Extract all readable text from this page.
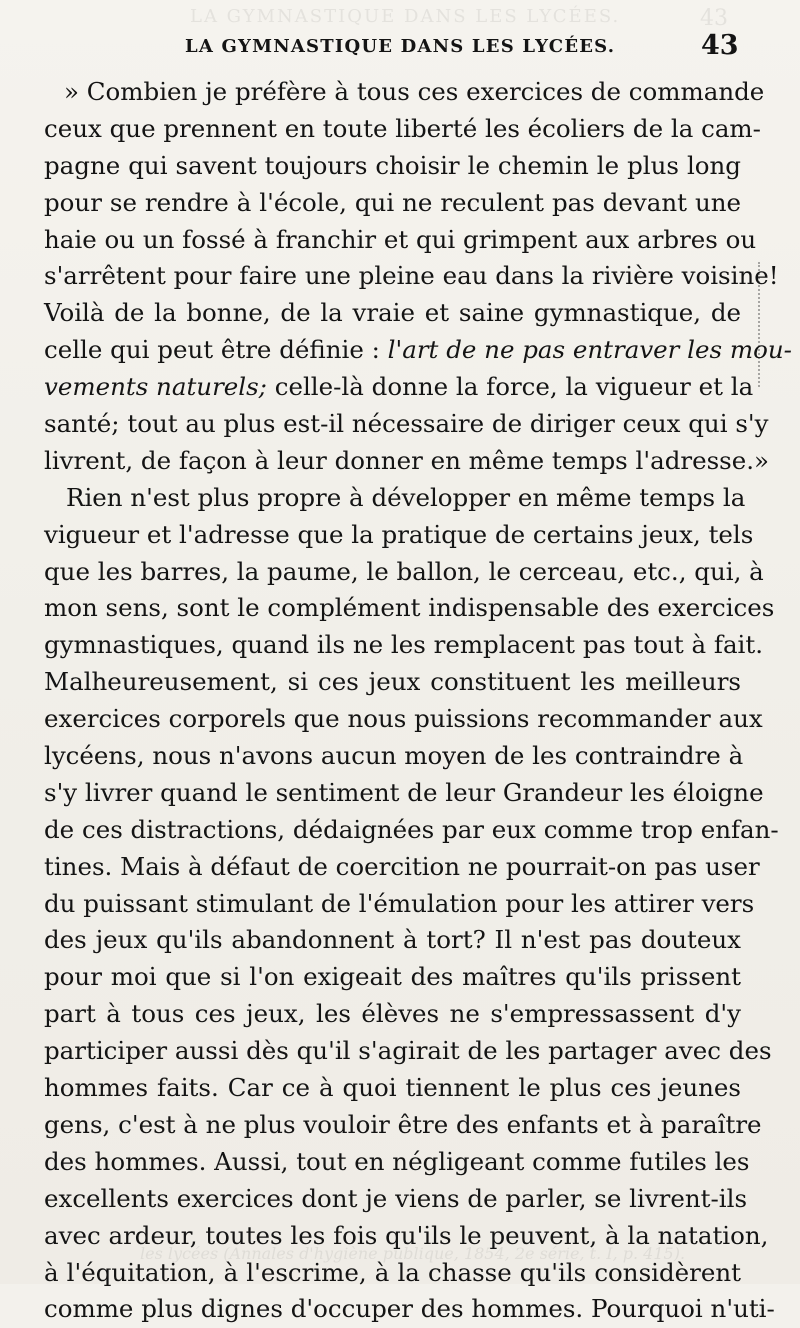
LA GYMNASTIQUE DANS LES LYCÉES.	43
les lycées (Annales d'hygiène publique, 1854, 2e série, t. I, p. 415).
LA GYMNASTIQUE DANS LES LYCÉES.	43
» Combien je préfère à tous ces exercices de commande
ceux que prennent en toute liberté les écoliers de la cam-
pagne qui savent toujours choisir le chemin le plus long
pour se rendre à l'école, qui ne reculent pas devant une
haie ou un fossé à franchir et qui grimpent aux arbres ou
s'arrêtent pour faire une pleine eau dans la rivière voisine!
Voilà de la bonne, de la vraie et saine gymnastique, de
celle qui peut être définie : l'art de ne pas entraver les mou-
vements naturels; celle-là donne la force, la vigueur et la
santé; tout au plus est-il nécessaire de diriger ceux qui s'y
livrent, de façon à leur donner en même temps l'adresse.»
Rien n'est plus propre à développer en même temps la
vigueur et l'adresse que la pratique de certains jeux, tels
que les barres, la paume, le ballon, le cerceau, etc., qui, à
mon sens, sont le complément indispensable des exercices
gymnastiques, quand ils ne les remplacent pas tout à fait.
Malheureusement, si ces jeux constituent les meilleurs
exercices corporels que nous puissions recommander aux
lycéens, nous n'avons aucun moyen de les contraindre à
s'y livrer quand le sentiment de leur Grandeur les éloigne
de ces distractions, dédaignées par eux comme trop enfan-
tines. Mais à défaut de coercition ne pourrait-on pas user
du puissant stimulant de l'émulation pour les attirer vers
des jeux qu'ils abandonnent à tort? Il n'est pas douteux
pour moi que si l'on exigeait des maîtres qu'ils prissent
part à tous ces jeux, les élèves ne s'empressassent d'y
participer aussi dès qu'il s'agirait de les partager avec des
hommes faits. Car ce à quoi tiennent le plus ces jeunes
gens, c'est à ne plus vouloir être des enfants et à paraître
des hommes. Aussi, tout en négligeant comme futiles les
excellents exercices dont je viens de parler, se livrent-ils
avec ardeur, toutes les fois qu'ils le peuvent, à la natation,
à l'équitation, à l'escrime, à la chasse qu'ils considèrent
comme plus dignes d'occuper des hommes. Pourquoi n'uti-
